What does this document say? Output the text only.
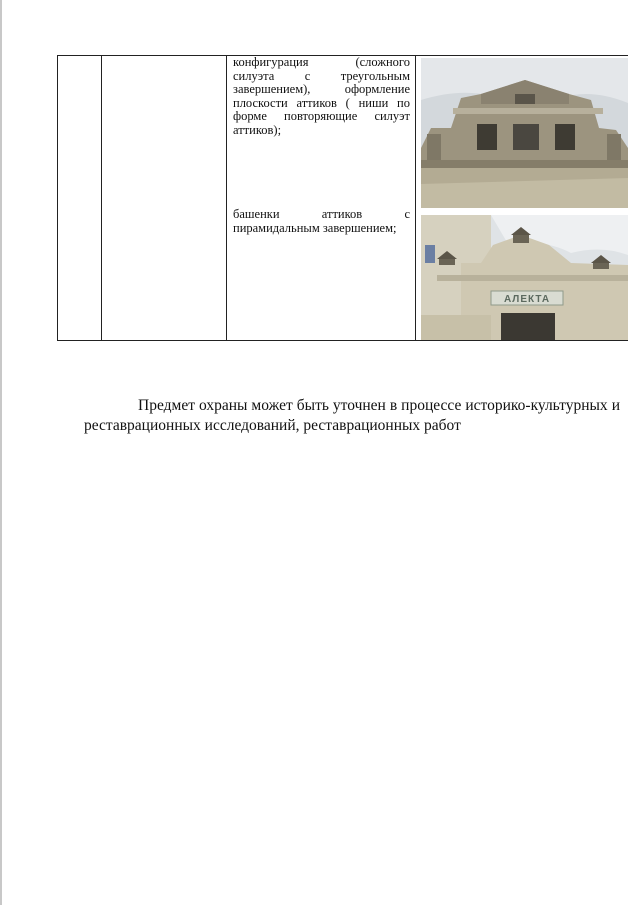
конфигурация (сложного силуэта с треугольным завершением), оформление плоскости аттиков ( ниши по форме повторяющие силуэт аттиков);

башенки аттиков с пирамидальным завершением;

АЛЕКТА

Предмет охраны может быть уточнен в процессе историко-культурных и реставрационных исследований, реставрационных работ
